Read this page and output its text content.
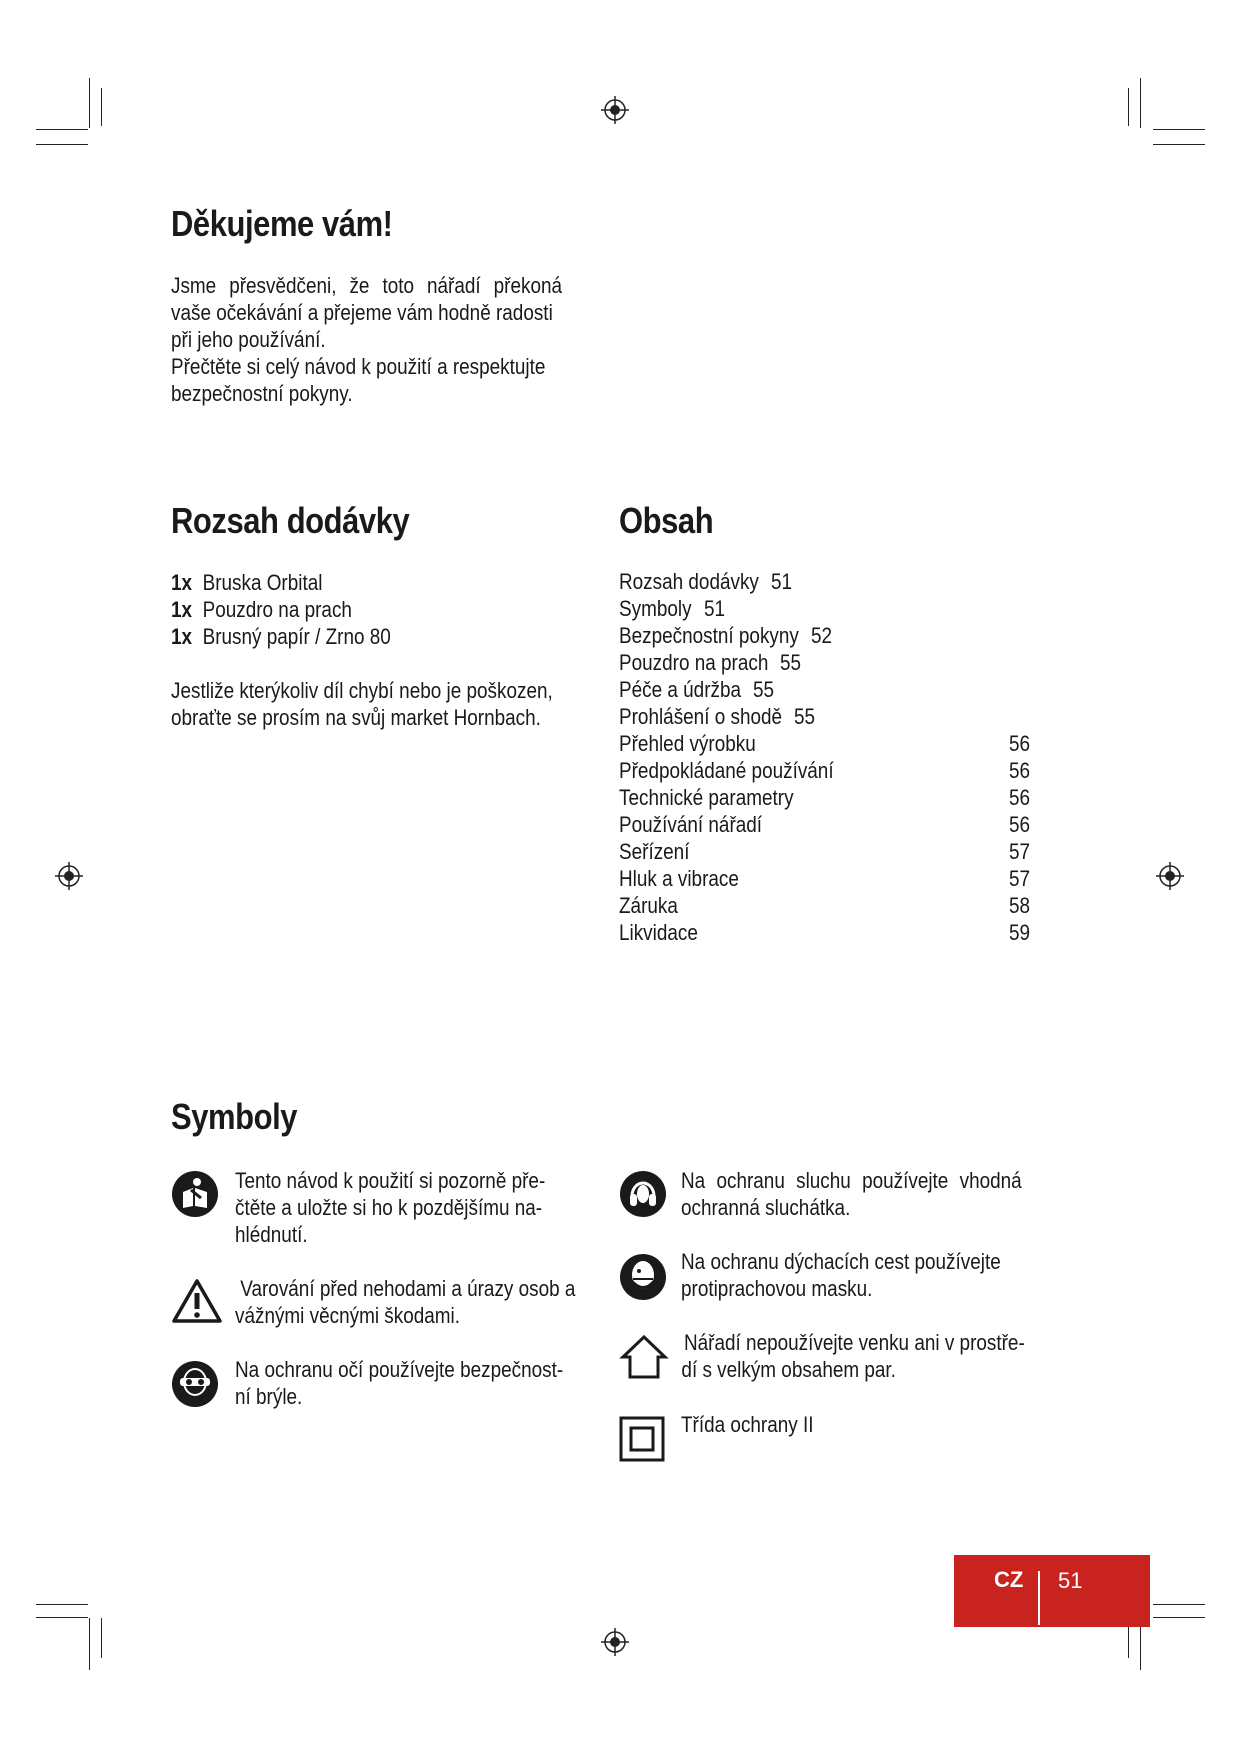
Děkujeme vám!
Jsme přesvědčeni, že toto nářadí překoná
vaše očekávání a přejeme vám hodně radosti
při jeho používání.
Přečtěte si celý návod k použití a respektujte
bezpečnostní pokyny.
Rozsah dodávky
1x Bruska Orbital
1x Pouzdro na prach
1x Brusný papír / Zrno 80
Jestliže kterýkoliv díl chybí nebo je poškozen,
obraťte se prosím na svůj market Hornbach.
Obsah
Rozsah dodávky 51
Symboly 51
Bezpečnostní pokyny 52
Pouzdro na prach 55
Péče a údržba 55
Prohlášení o shodě 55
Přehled výrobku	56
Předpokládané používání	56
Technické parametry	56
Používání nářadí	56
Seřízení	57
Hluk a vibrace	57
Záruka	58
Likvidace	59
Symboly
Tento návod k použití si pozorně pře-
čtěte a uložte si ho k pozdějšímu na-
hlédnutí.
Varování před nehodami a úrazy osob a
vážnými věcnými škodami.
Na ochranu očí používejte bezpečnost-
ní brýle.
Na ochranu sluchu používejte vhodná
ochranná sluchátka.
Na ochranu dýchacích cest používejte
protiprachovou masku.
Nářadí nepoužívejte venku ani v prostře-
dí s velkým obsahem par.
Třída ochrany II
CZ 51
